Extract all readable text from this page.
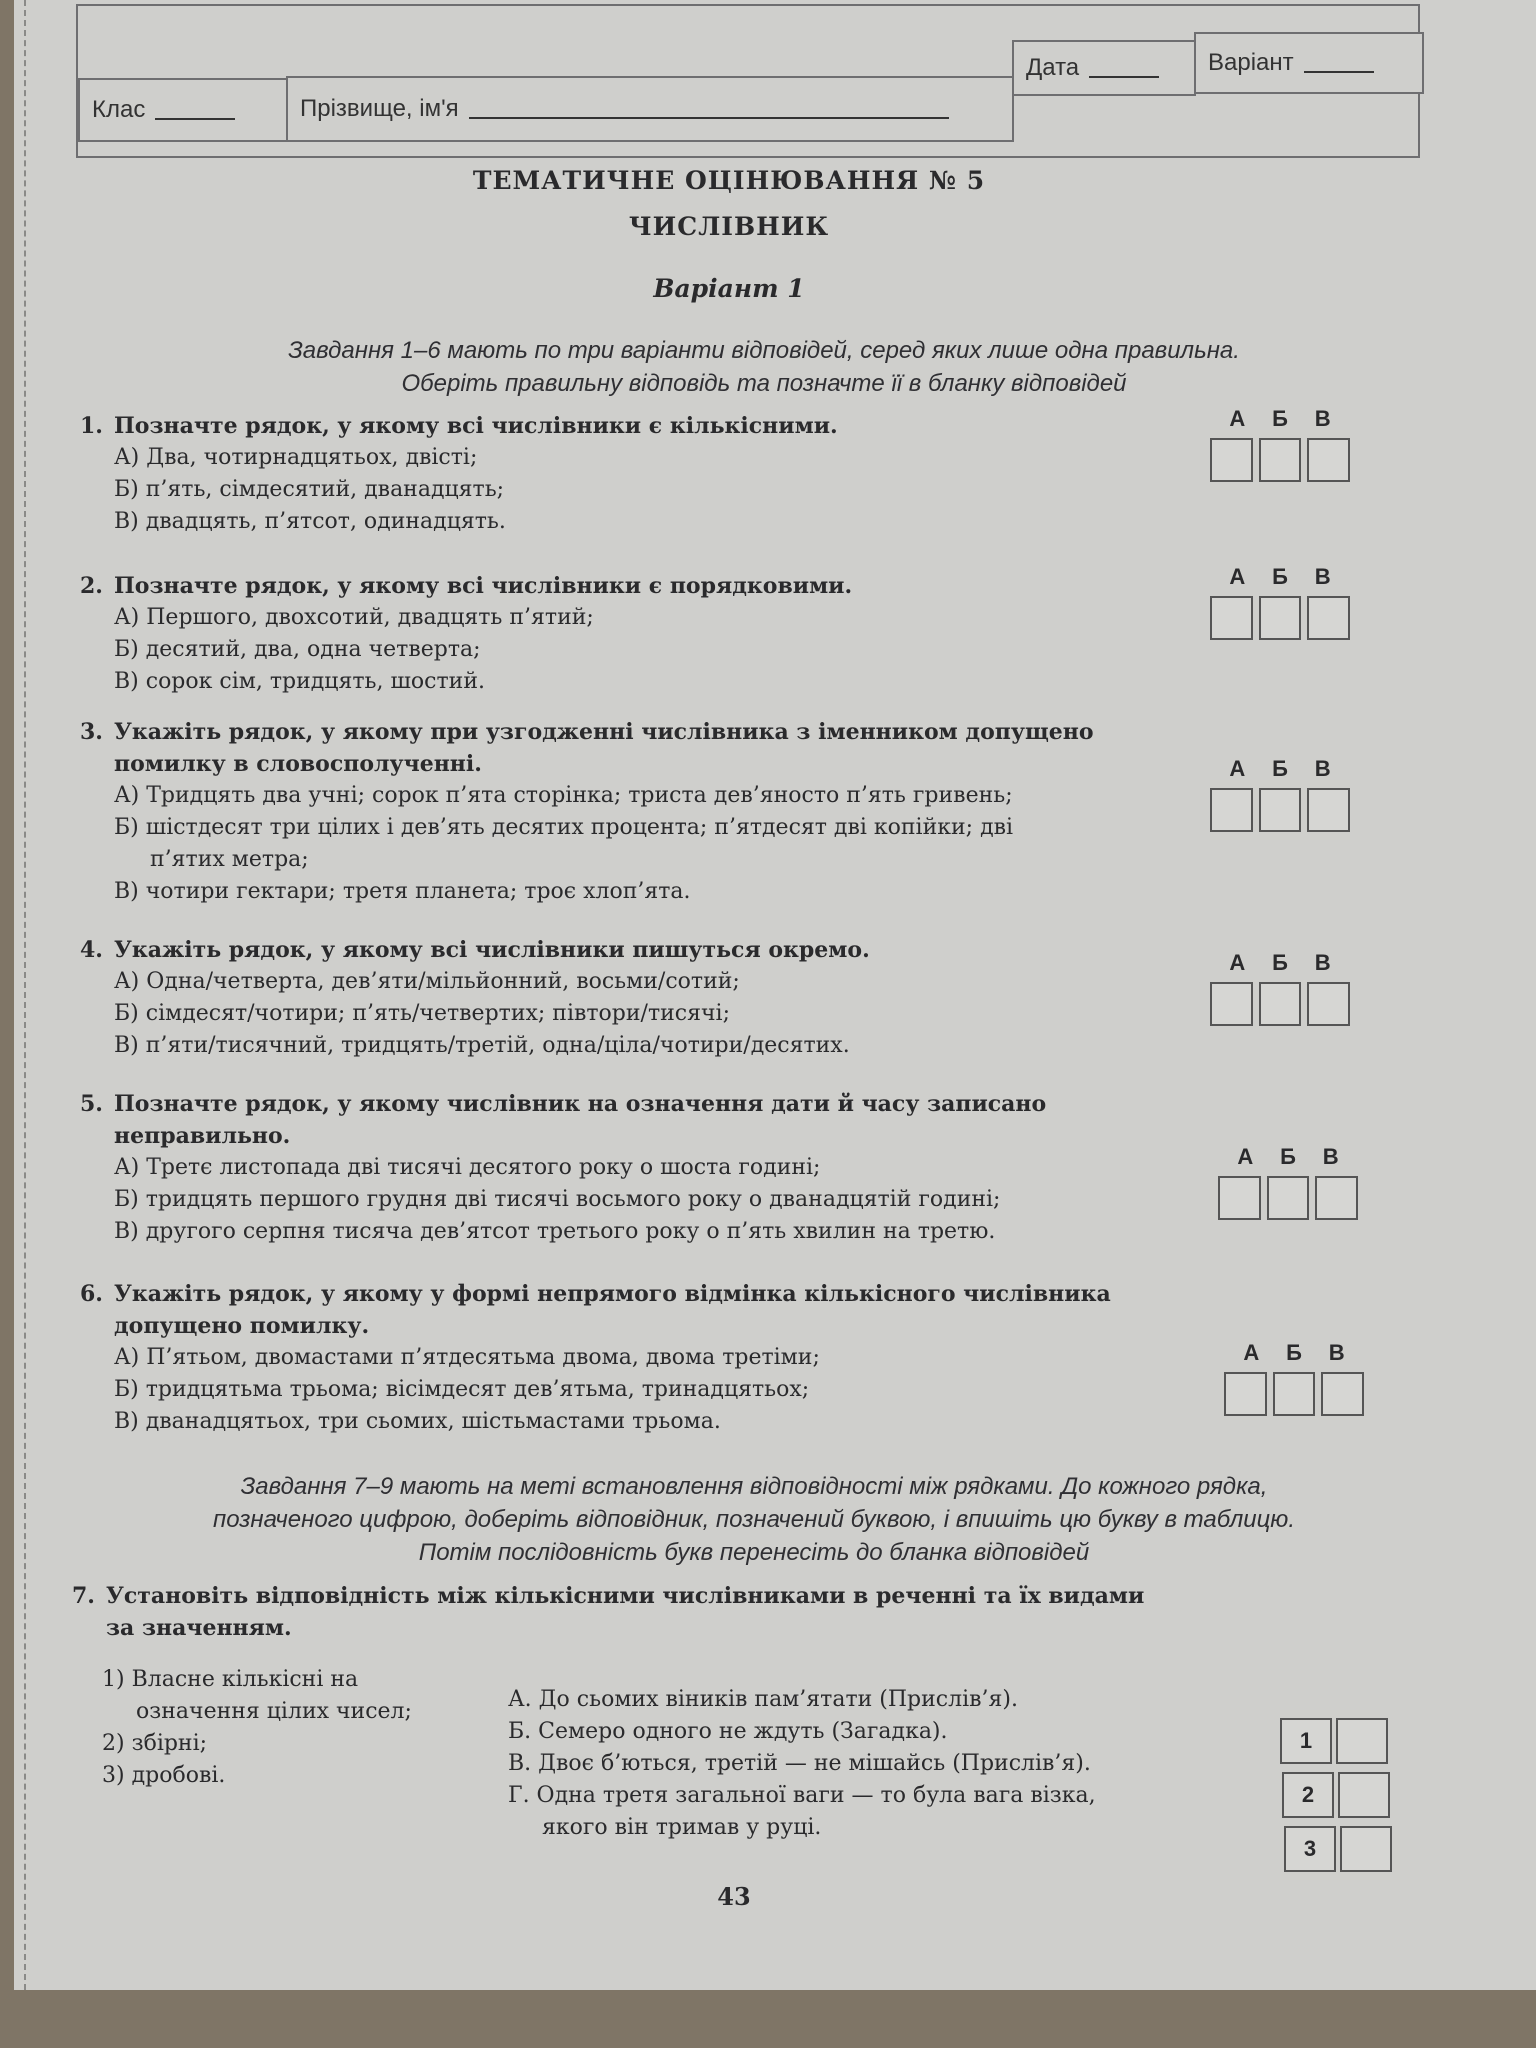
Клас	Прізвище, ім'я
Дата	Варіант
ТЕМАТИЧНЕ ОЦІНЮВАННЯ № 5
ЧИСЛІВНИК
Варіант 1
Завдання 1–6 мають по три варіанти відповідей, серед яких лише одна правильна.
Оберіть правильну відповідь та позначте її в бланку відповідей
1. Позначте рядок, у якому всі числівники є кількісними.
А) Два, чотирнадцятьох, двісті;
Б) п’ять, сімдесятий, дванадцять;
В) двадцять, п’ятсот, одинадцять.
А Б В
2. Позначте рядок, у якому всі числівники є порядковими.
А) Першого, двохсотий, двадцять п’ятий;
Б) десятий, два, одна четверта;
В) сорок сім, тридцять, шостий.
А Б В
3. Укажіть рядок, у якому при узгодженні числівника з іменником допущено
помилку в словосполученні.
А) Тридцять два учні; сорок п’ята сторінка; триста дев’яносто п’ять гривень;
Б) шістдесят три цілих і дев’ять десятих процента; п’ятдесят дві копійки; дві
п’ятих метра;
В) чотири гектари; третя планета; троє хлоп’ята.
А Б В
4. Укажіть рядок, у якому всі числівники пишуться окремо.
А) Одна/четверта, дев’яти/мільйонний, восьми/сотий;
Б) сімдесят/чотири; п’ять/четвертих; півтори/тисячі;
В) п’яти/тисячний, тридцять/третій, одна/ціла/чотири/десятих.
А Б В
5. Позначте рядок, у якому числівник на означення дати й часу записано
неправильно.
А) Третє листопада дві тисячі десятого року о шоста годині;
Б) тридцять першого грудня дві тисячі восьмого року о дванадцятій годині;
В) другого серпня тисяча дев’ятсот третього року о п’ять хвилин на третю.
А Б В
6. Укажіть рядок, у якому у формі непрямого відмінка кількісного числівника
допущено помилку.
А) П’ятьом, двомастами п’ятдесятьма двома, двома третіми;
Б) тридцятьма трьома; вісімдесят дев’ятьма, тринадцятьох;
В) дванадцятьох, три сьомих, шістьмастами трьома.
А Б В
Завдання 7–9 мають на меті встановлення відповідності між рядками. До кожного рядка,
позначеного цифрою, доберіть відповідник, позначений буквою, і впишіть цю букву в таблицю.
Потім послідовність букв перенесіть до бланка відповідей
7. Установіть відповідність між кількісними числівниками в реченні та їх видами
за значенням.
1) Власне кількісні на
означення цілих чисел;
2) збірні;
3) дробові.
А. До сьомих віників пам’ятати (Прислів’я).
Б. Семеро одного не ждуть (Загадка).
В. Двоє б’ються, третій — не мішайсь (Прислів’я).
Г. Одна третя загальної ваги — то була вага візка,
якого він тримав у руці.
1
2
3
43
